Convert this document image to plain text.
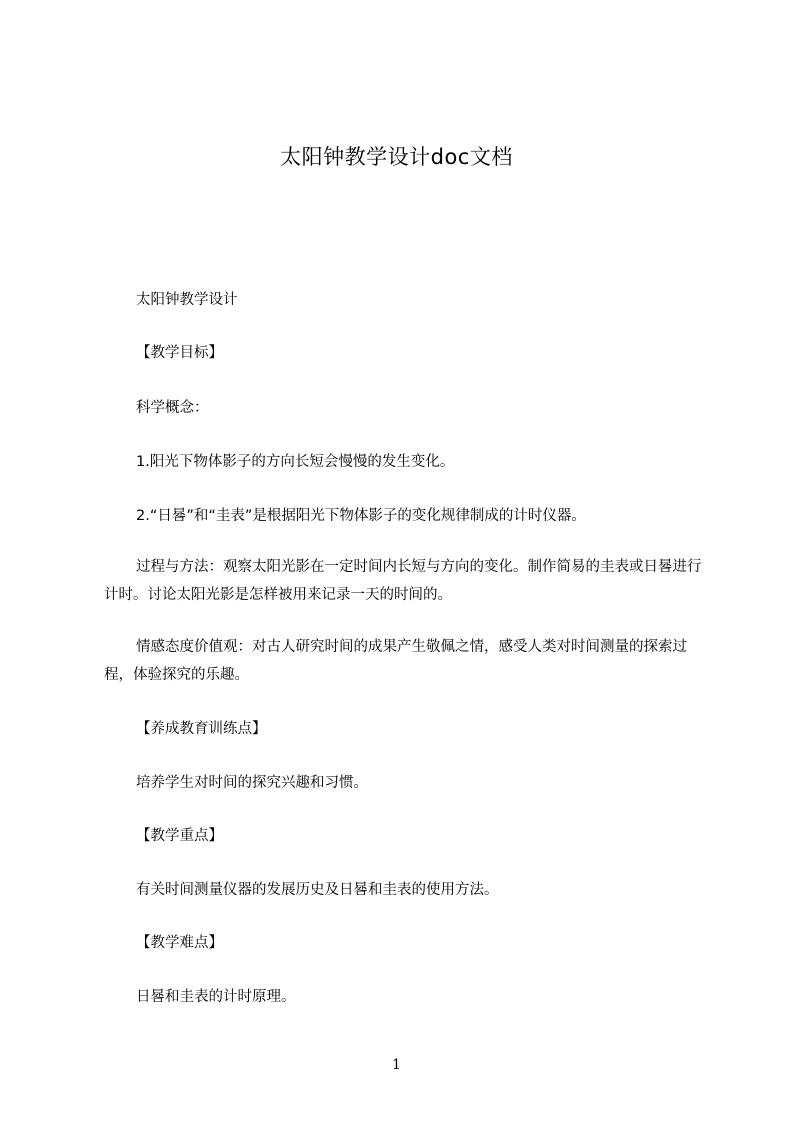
太阳钟教学设计doc文档

太阳钟教学设计

【教学目标】

科学概念：

1.阳光下物体影子的方向长短会慢慢的发生变化。

2.“日晷”和“圭表”是根据阳光下物体影子的变化规律制成的计时仪器。

过程与方法：观察太阳光影在一定时间内长短与方向的变化。制作简易的圭表或日晷进行计时。讨论太阳光影是怎样被用来记录一天的时间的。

情感态度价值观：对古人研究时间的成果产生敬佩之情，感受人类对时间测量的探索过程，体验探究的乐趣。

【养成教育训练点】

培养学生对时间的探究兴趣和习惯。

【教学重点】

有关时间测量仪器的发展历史及日晷和圭表的使用方法。

【教学难点】

日晷和圭表的计时原理。

1
